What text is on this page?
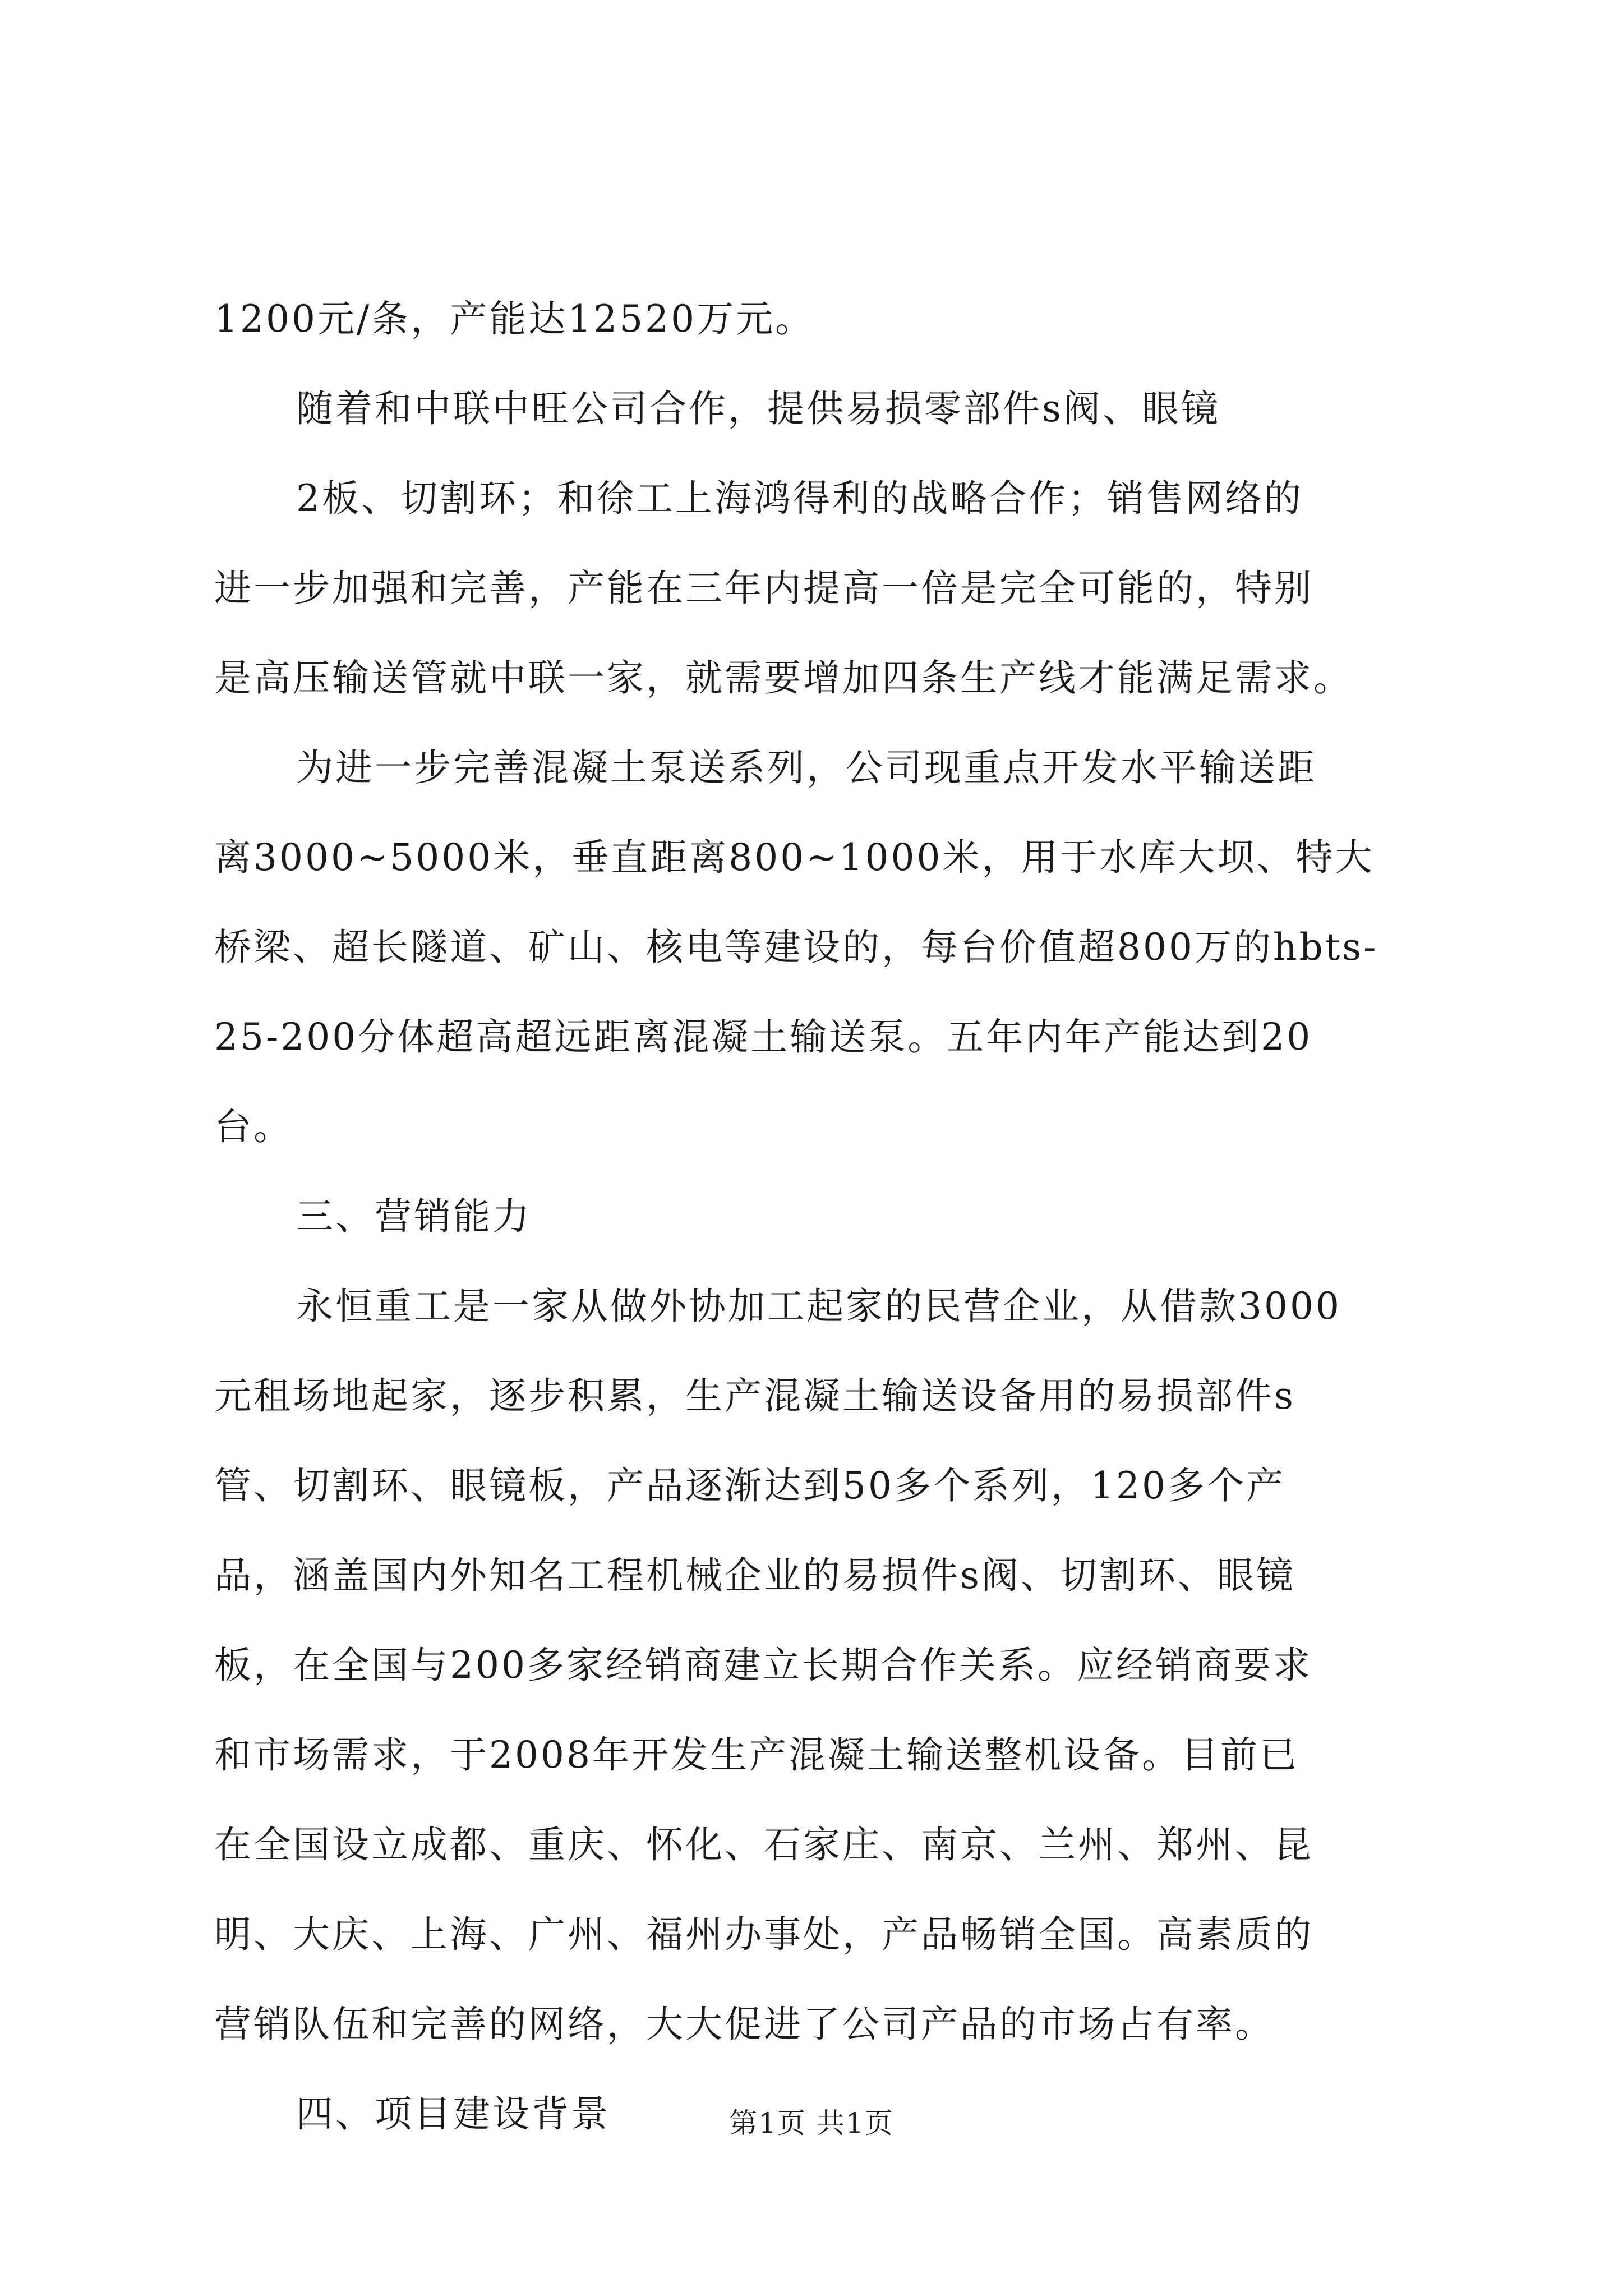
1200元/条，产能达12520万元。
随着和中联中旺公司合作，提供易损零部件s阀、眼镜
2板、切割环；和徐工上海鸿得利的战略合作；销售网络的
进一步加强和完善，产能在三年内提高一倍是完全可能的，特别
是高压输送管就中联一家，就需要增加四条生产线才能满足需求。
为进一步完善混凝土泵送系列，公司现重点开发水平输送距
离3000~5000米，垂直距离800~1000米，用于水库大坝、特大
桥梁、超长隧道、矿山、核电等建设的，每台价值超800万的hbts-
25-200分体超高超远距离混凝土输送泵。五年内年产能达到20
台。
三、营销能力
永恒重工是一家从做外协加工起家的民营企业，从借款3000
元租场地起家，逐步积累，生产混凝土输送设备用的易损部件s
管、切割环、眼镜板，产品逐渐达到50多个系列，120多个产
品，涵盖国内外知名工程机械企业的易损件s阀、切割环、眼镜
板，在全国与200多家经销商建立长期合作关系。应经销商要求
和市场需求，于2008年开发生产混凝土输送整机设备。目前已
在全国设立成都、重庆、怀化、石家庄、南京、兰州、郑州、昆
明、大庆、上海、广州、福州办事处，产品畅销全国。高素质的
营销队伍和完善的网络，大大促进了公司产品的市场占有率。
四、项目建设背景	第1页 共1页
